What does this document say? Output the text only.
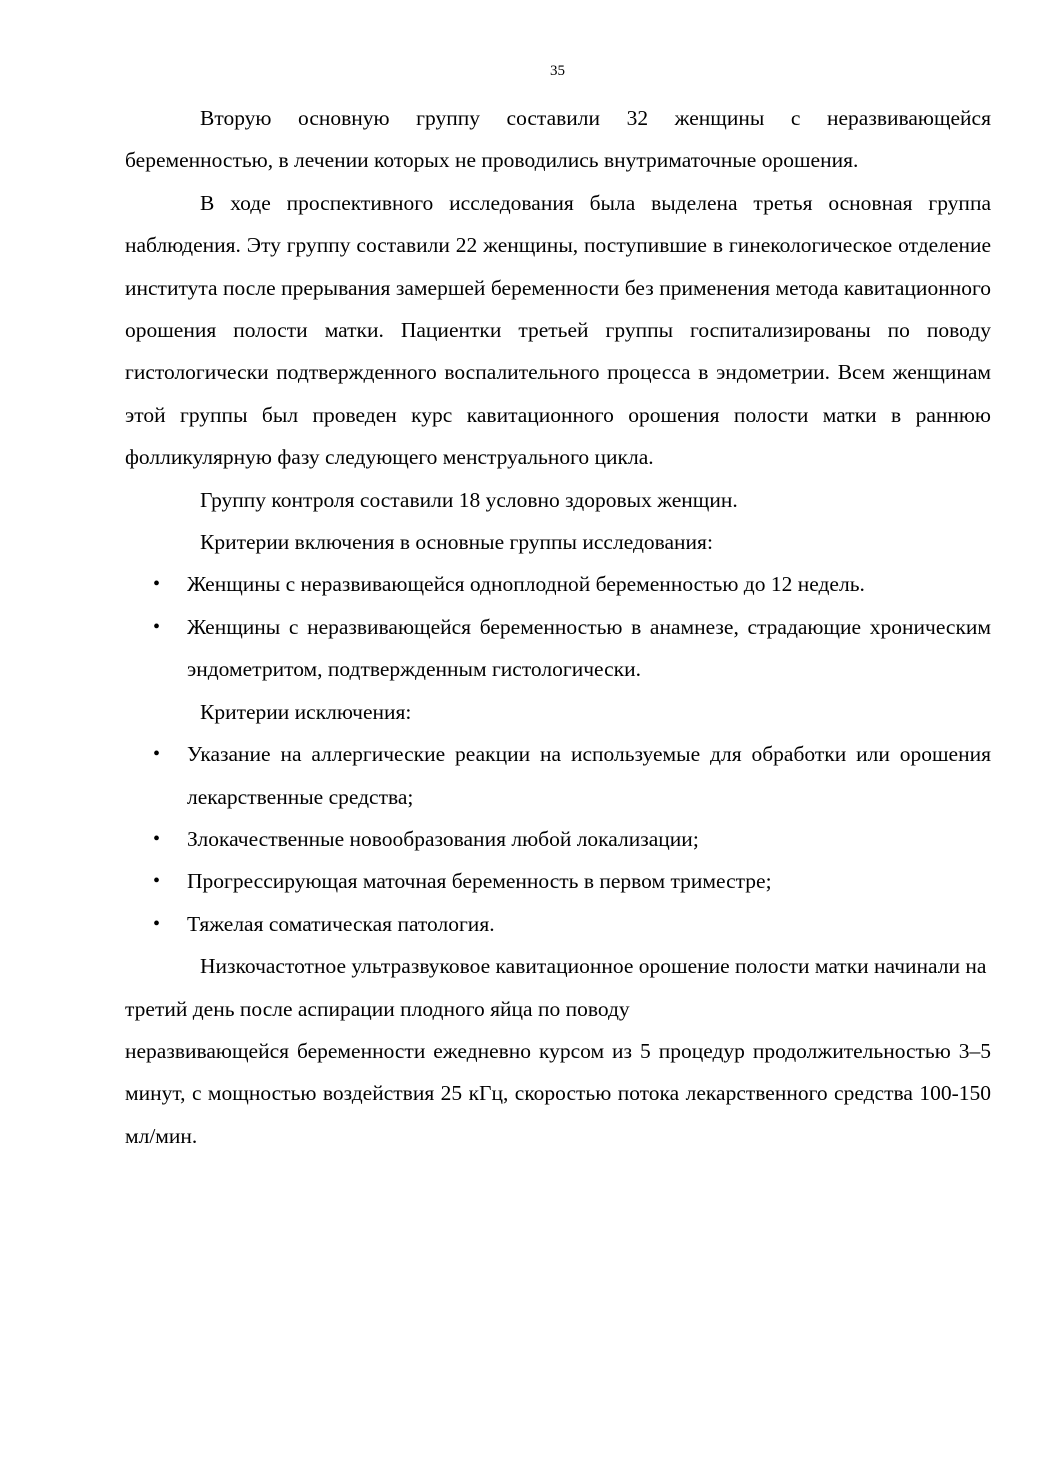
35

Вторую основную группу составили 32 женщины с неразвивающейся беременностью, в лечении которых не проводились внутриматочные орошения.

В ходе проспективного исследования была выделена третья основная группа наблюдения. Эту группу составили 22 женщины, поступившие в гинекологическое отделение института после прерывания замершей беременности без применения метода кавитационного орошения полости матки. Пациентки третьей группы госпитализированы по поводу гистологически подтвержденного воспалительного процесса в эндометрии. Всем женщинам этой группы был проведен курс кавитационного орошения полости матки в раннюю фолликулярную фазу следующего менструального цикла.

Группу контроля составили 18 условно здоровых женщин.

Критерии включения в основные группы исследования:

• Женщины с неразвивающейся одноплодной беременностью до 12 недель.
• Женщины с неразвивающейся беременностью в анамнезе, страдающие хроническим эндометритом, подтвержденным гистологически.

Критерии исключения:

• Указание на аллергические реакции на используемые для обработки или орошения лекарственные средства;
• Злокачественные новообразования любой локализации;
• Прогрессирующая маточная беременность в первом триместре;
• Тяжелая соматическая патология.

Низкочастотное ультразвуковое кавитационное орошение полости матки начинали на третий день после аспирации плодного яйца по поводу

неразвивающейся беременности ежедневно курсом из 5 процедур продолжительностью 3–5 минут, с мощностью воздействия 25 кГц, скоростью потока лекарственного средства 100-150 мл/мин.
